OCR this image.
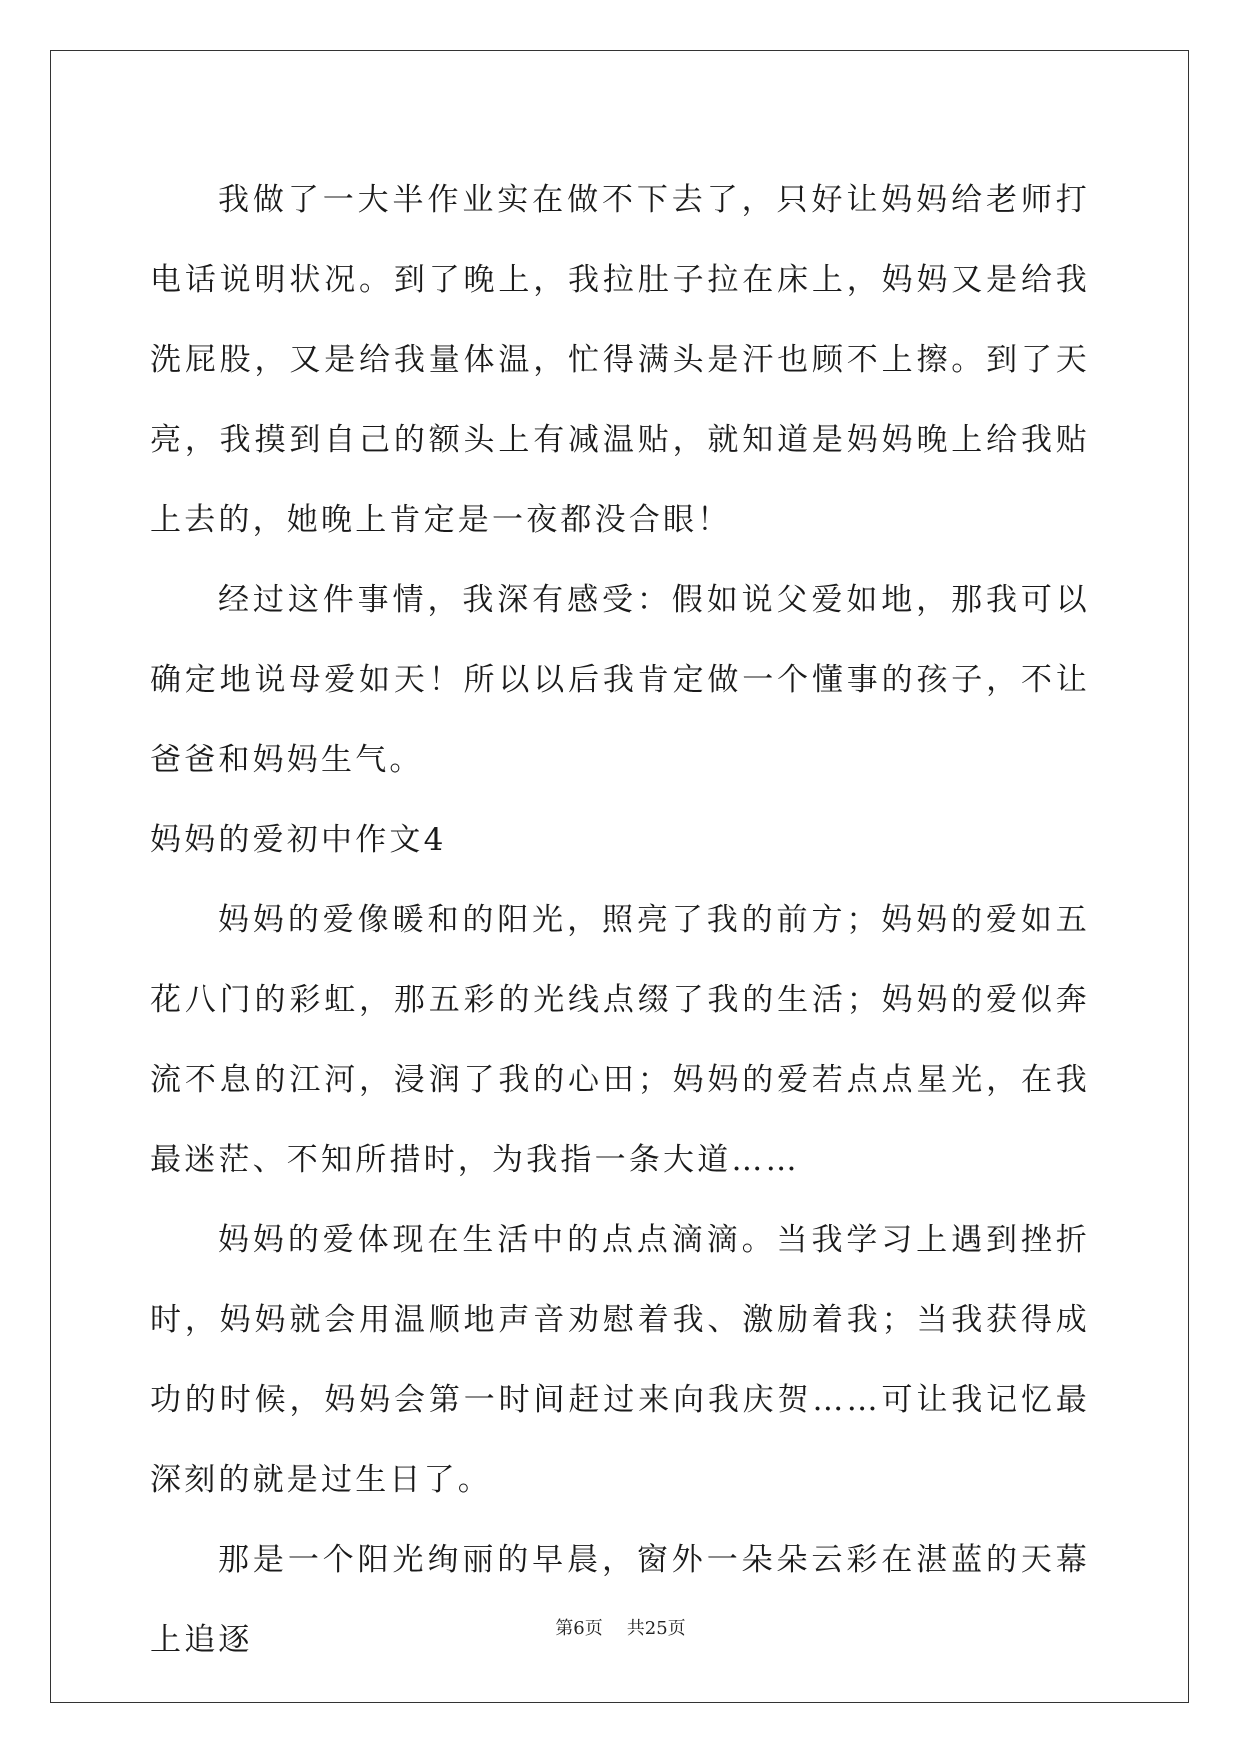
我做了一大半作业实在做不下去了，只好让妈妈给老师打电话说明状况。到了晚上，我拉肚子拉在床上，妈妈又是给我洗屁股，又是给我量体温，忙得满头是汗也顾不上擦。到了天亮，我摸到自己的额头上有减温贴，就知道是妈妈晚上给我贴上去的，她晚上肯定是一夜都没合眼！

经过这件事情，我深有感受：假如说父爱如地，那我可以确定地说母爱如天！所以以后我肯定做一个懂事的孩子，不让爸爸和妈妈生气。

妈妈的爱初中作文4

妈妈的爱像暖和的阳光，照亮了我的前方；妈妈的爱如五花八门的彩虹，那五彩的光线点缀了我的生活；妈妈的爱似奔流不息的江河，浸润了我的心田；妈妈的爱若点点星光，在我最迷茫、不知所措时，为我指一条大道……

妈妈的爱体现在生活中的点点滴滴。当我学习上遇到挫折时，妈妈就会用温顺地声音劝慰着我、激励着我；当我获得成功的时候，妈妈会第一时间赶过来向我庆贺……可让我记忆最深刻的就是过生日了。

那是一个阳光绚丽的早晨，窗外一朵朵云彩在湛蓝的天幕上追逐	第6页 共25页
